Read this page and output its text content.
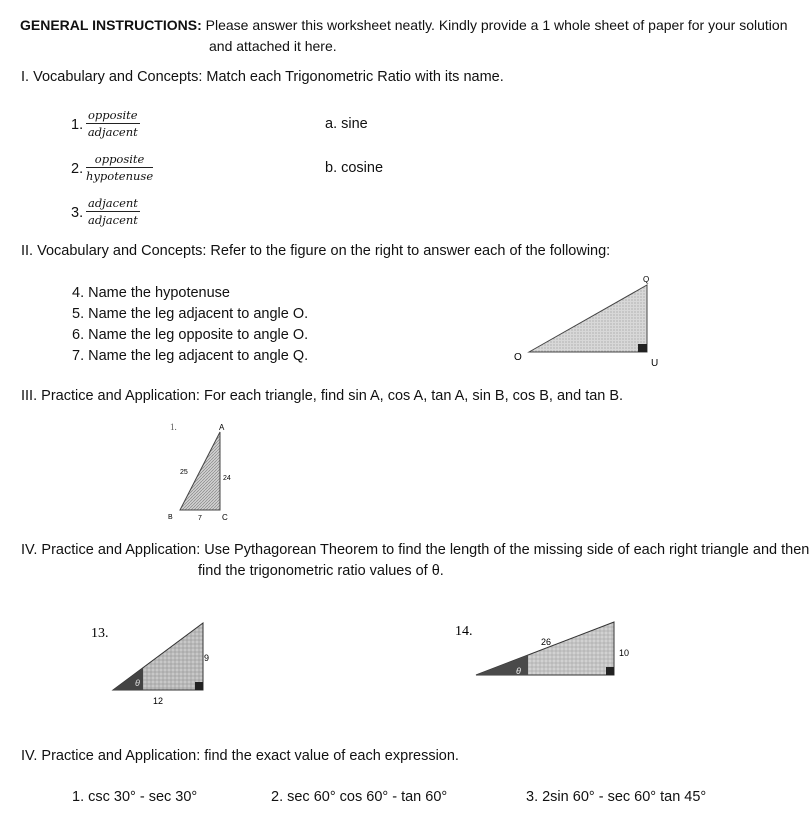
GENERAL INSTRUCTIONS: Please answer this worksheet neatly. Kindly provide a 1 whole sheet of paper for your solution
and attached it here.
I. Vocabulary and Concepts: Match each Trigonometric Ratio with its name.
1.
opposite
adjacent
2.
opposite
hypotenuse
3.
adjacent
adjacent
a. sine
b. cosine
II. Vocabulary and Concepts: Refer to the figure on the right to answer each of the following:
4. Name the hypotenuse
5. Name the leg adjacent to angle O.
6. Name the leg opposite to angle O.
7. Name the leg adjacent to angle Q.	O
Q
U
III. Practice and Application: For each triangle, find sin A, cos A, tan A, sin B, cos B, and tan B.
1.	A
B	C
25
24
7
IV. Practice and Application: Use Pythagorean Theorem to find the length of the missing side of each right triangle and then
find the trigonometric ratio values of θ.
13.
θ
9
12
14.
θ
26
10
IV. Practice and Application: find the exact value of each expression.
1. csc 30° - sec 30°	2. sec 60° cos 60° - tan 60°	3. 2sin 60° - sec 60° tan 45°
